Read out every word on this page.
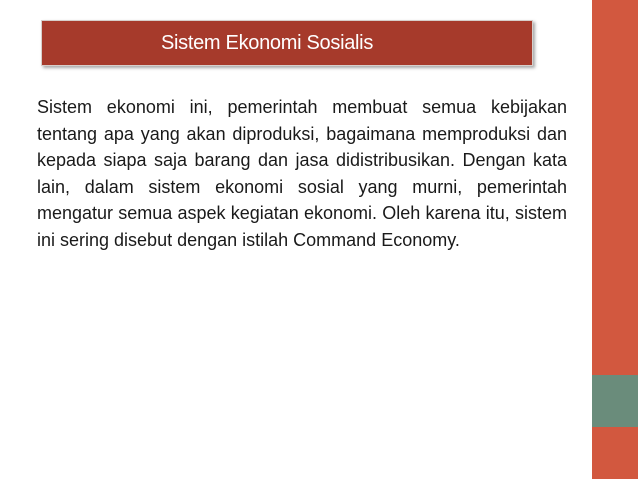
Sistem Ekonomi Sosialis

Sistem ekonomi ini, pemerintah membuat semua kebijakan tentang apa yang akan diproduksi, bagaimana memproduksi dan kepada siapa saja barang dan jasa didistribusikan. Dengan kata lain, dalam sistem ekonomi sosial yang murni, pemerintah mengatur semua aspek kegiatan ekonomi. Oleh karena itu, sistem ini sering disebut dengan istilah Command Economy.
